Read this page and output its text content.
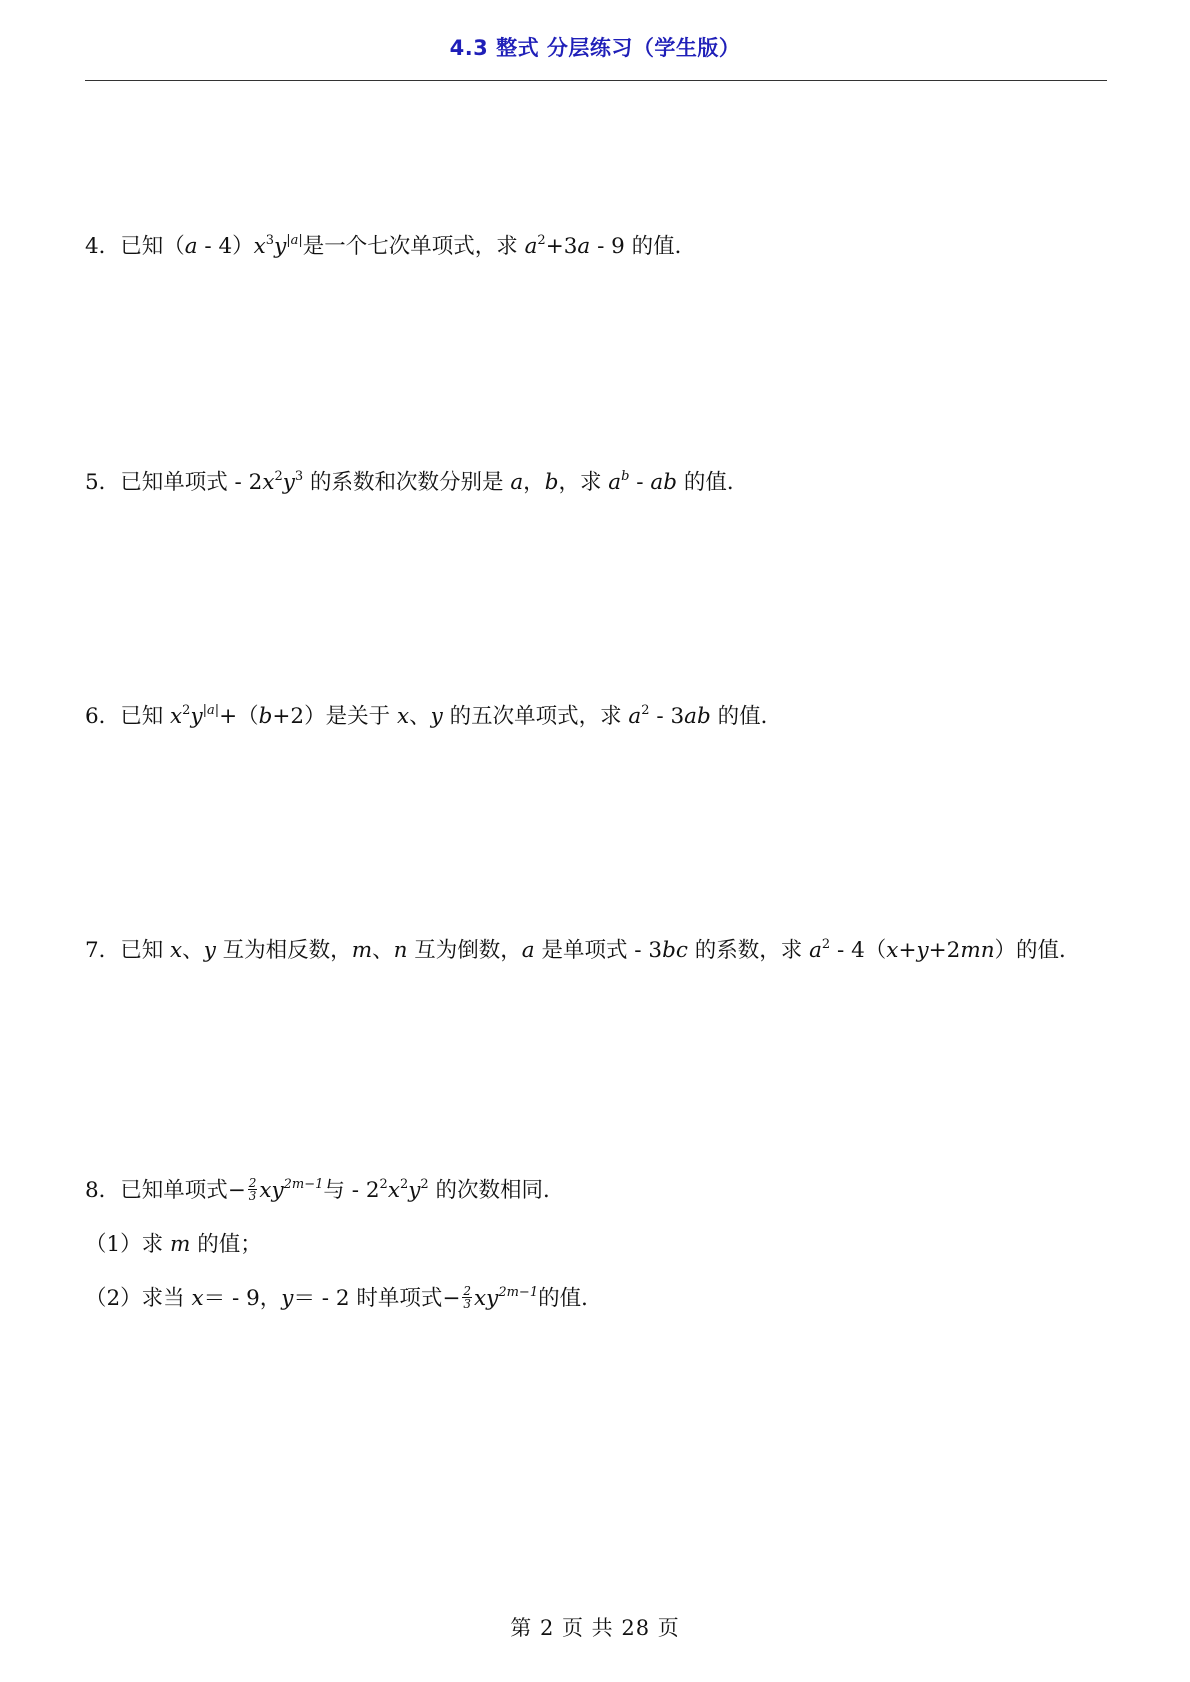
4.3 整式 分层练习（学生版）
4．已知$(a - 4)x^3y^{|a|}$是一个七次单项式，求 $a^2+3a - 9$ 的值．
5．已知单项式 - $2x^2y^3$ 的系数和次数分别是 a，b，求 $a^b$ - ab 的值．
6．已知 $x^2y^{|a|}+(b+2)$是关于 x、y 的五次单项式，求 $a^2 - 3ab$ 的值．
7．已知 x、y 互为相反数，m、n 互为倒数，a 是单项式 - 3bc 的系数，求 $a^2 - 4(x+y+2mn)$的值．
8．已知单项式− $\frac{2}{3} xy^{2m-1}$与 - $2^2x^2y^2$ 的次数相同．
（1）求 m 的值；
（2）求当 x＝ - 9，y＝ - 2 时单项式− $\frac{2}{3} xy^{2m-1}$的值．
第 2 页 共 28 页
